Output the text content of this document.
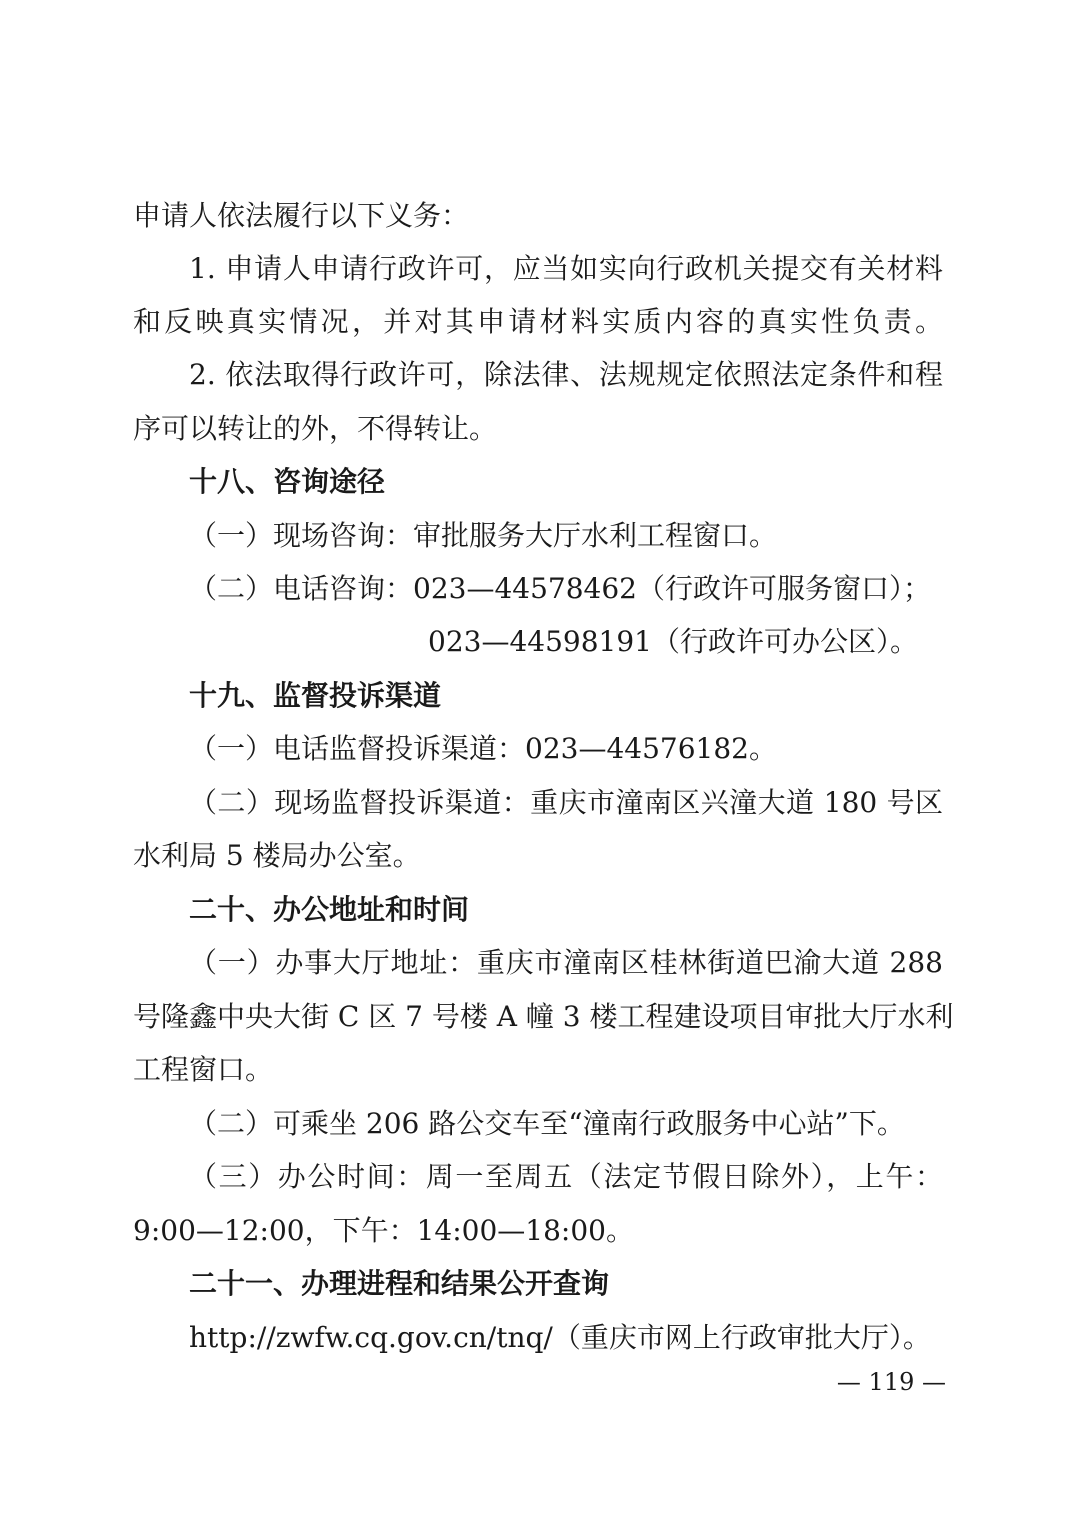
申请人依法履行以下义务：
1. 申请人申请行政许可，应当如实向行政机关提交有关材料
和反映真实情况，并对其申请材料实质内容的真实性负责。
2. 依法取得行政许可，除法律、法规规定依照法定条件和程
序可以转让的外，不得转让。
十八、咨询途径
（一）现场咨询：审批服务大厅水利工程窗口。
（二）电话咨询：023—44578462（行政许可服务窗口）；
023—44598191（行政许可办公区）。
十九、监督投诉渠道
（一）电话监督投诉渠道：023—44576182。
（二）现场监督投诉渠道：重庆市潼南区兴潼大道 180 号区
水利局 5 楼局办公室。
二十、办公地址和时间
（一）办事大厅地址：重庆市潼南区桂林街道巴渝大道 288
号隆鑫中央大街 C 区 7 号楼 A 幢 3 楼工程建设项目审批大厅水利
工程窗口。
（二）可乘坐 206 路公交车至“潼南行政服务中心站”下。
（三）办公时间：周一至周五（法定节假日除外），上午：
9:00—12:00，下午：14:00—18:00。
二十一、办理进程和结果公开查询
http://zwfw.cq.gov.cn/tnq/（重庆市网上行政审批大厅）。
— 119 —
